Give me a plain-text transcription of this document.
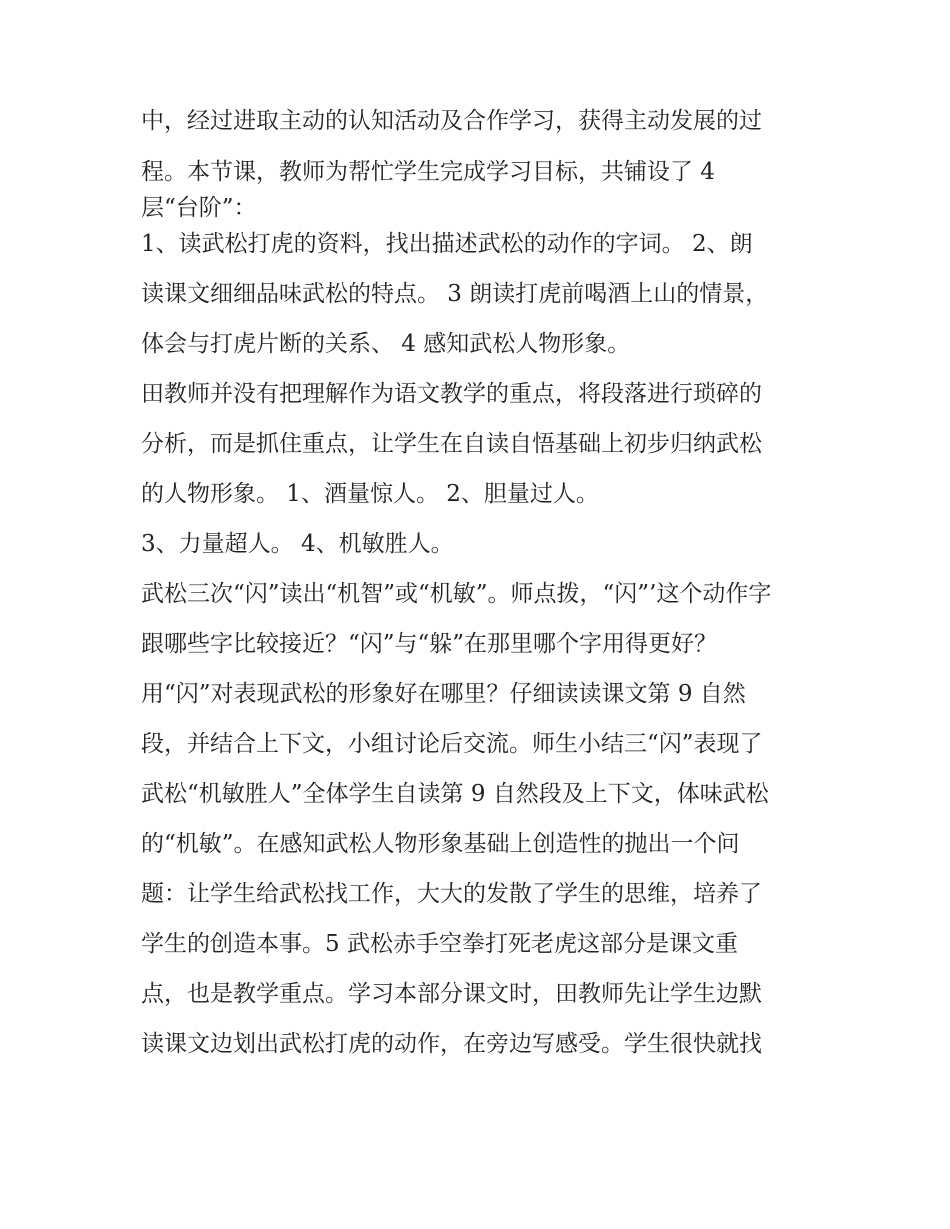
中，经过进取主动的认知活动及合作学习，获得主动发展的过
程。本节课，教师为帮忙学生完成学习目标，共铺设了 4
层“台阶”：
1、读武松打虎的资料，找出描述武松的动作的字词。 2、朗
读课文细细品味武松的特点。 3 朗读打虎前喝酒上山的情景，
体会与打虎片断的关系、 4 感知武松人物形象。
田教师并没有把理解作为语文教学的重点，将段落进行琐碎的
分析，而是抓住重点，让学生在自读自悟基础上初步归纳武松
的人物形象。 1、酒量惊人。 2、胆量过人。
3、力量超人。 4、机敏胜人。
武松三次“闪”读出“机智”或“机敏”。师点拨，“闪”’这个动作字
跟哪些字比较接近？“闪”与“躲”在那里哪个字用得更好？
用“闪”对表现武松的形象好在哪里？仔细读读课文第 9 自然
段，并结合上下文，小组讨论后交流。师生小结三“闪”表现了
武松“机敏胜人”全体学生自读第 9 自然段及上下文，体味武松
的“机敏”。在感知武松人物形象基础上创造性的抛出一个问
题：让学生给武松找工作，大大的发散了学生的思维，培养了
学生的创造本事。5 武松赤手空拳打死老虎这部分是课文重
点，也是教学重点。学习本部分课文时，田教师先让学生边默
读课文边划出武松打虎的动作，在旁边写感受。学生很快就找
